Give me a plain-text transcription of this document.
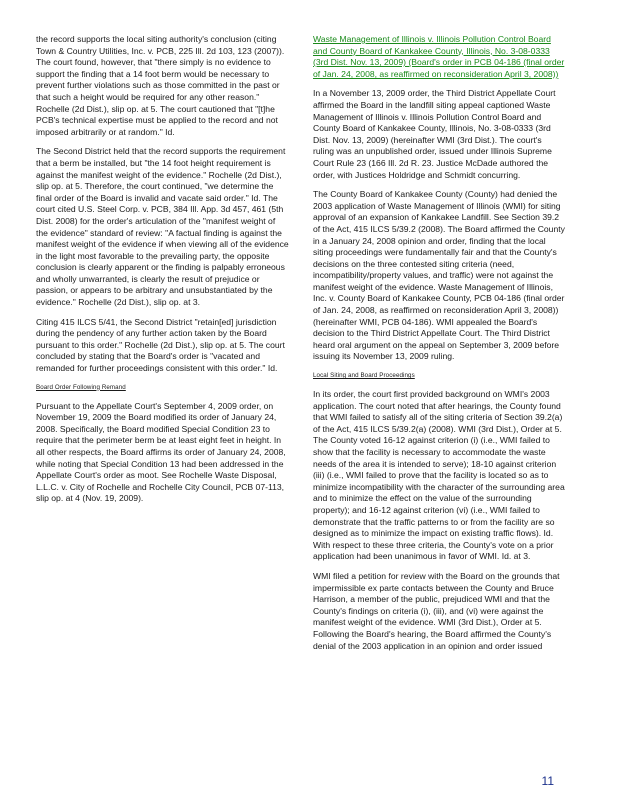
the record supports the local siting authority's conclusion (citing Town & Country Utilities, Inc. v. PCB, 225 Ill. 2d 103, 123 (2007)). The court found, however, that "there simply is no evidence to support the finding that a 14 foot berm would be necessary to prevent further violations such as those committed in the past or that such a height would be required for any other reason." Rochelle (2d Dist.), slip op. at 5. The court cautioned that "[t]he PCB's technical expertise must be applied to the record and not imposed arbitrarily or at random." Id.

The Second District held that the record supports the requirement that a berm be installed, but "the 14 foot height requirement is against the manifest weight of the evidence." Rochelle (2d Dist.), slip op. at 5. Therefore, the court continued, "we determine the final order of the Board is invalid and vacate said order." Id. The court cited U.S. Steel Corp. v. PCB, 384 Ill. App. 3d 457, 461 (5th Dist. 2008) for the order's articulation of the "manifest weight of the evidence" standard of review: "A factual finding is against the manifest weight of the evidence if when viewing all of the evidence in the light most favorable to the prevailing party, the opposite conclusion is clearly apparent or the finding is palpably erroneous and wholly unwarranted, is clearly the result of prejudice or passion, or appears to be arbitrary and unsubstantiated by the evidence." Rochelle (2d Dist.), slip op. at 3.

Citing 415 ILCS 5/41, the Second District "retain[ed] jurisdiction during the pendency of any further action taken by the Board pursuant to this order." Rochelle (2d Dist.), slip op. at 5. The court concluded by stating that the Board's order is "vacated and remanded for further proceedings consistent with this order." Id.

Board Order Following Remand

Pursuant to the Appellate Court's September 4, 2009 order, on November 19, 2009 the Board modified its order of January 24, 2008. Specifically, the Board modified Special Condition 23 to require that the perimeter berm be at least eight feet in height. In all other respects, the Board affirms its order of January 24, 2008, while noting that Special Condition 13 had been addressed in the Appellate Court's order as moot. See Rochelle Waste Disposal, L.L.C. v. City of Rochelle and Rochelle City Council, PCB 07-113, slip op. at 4 (Nov. 19, 2009).

Waste Management of Illinois v. Illinois Pollution Control Board and County Board of Kankakee County, Illinois, No. 3-08-0333 (3rd Dist. Nov. 13, 2009) (Board's order in PCB 04-186 (final order of Jan. 24, 2008, as reaffirmed on reconsideration April 3, 2008))

In a November 13, 2009 order, the Third District Appellate Court affirmed the Board in the landfill siting appeal captioned Waste Management of Illinois v. Illinois Pollution Control Board and County Board of Kankakee County, Illinois, No. 3-08-0333 (3rd Dist. Nov. 13, 2009) (hereinafter WMI (3rd Dist.). The court's ruling was an unpublished order, issued under Illinois Supreme Court Rule 23 (166 Ill. 2d R. 23. Justice McDade authored the order, with Justices Holdridge and Schmidt concurring.

The County Board of Kankakee County (County) had denied the 2003 application of Waste Management of Illinois (WMI) for siting approval of an expansion of Kankakee Landfill. See Section 39.2 of the Act, 415 ILCS 5/39.2 (2008). The Board affirmed the County in a January 24, 2008 opinion and order, finding that the local siting proceedings were fundamentally fair and that the County's decisions on the three contested siting criteria (need, incompatibility/property values, and traffic) were not against the manifest weight of the evidence. Waste Management of Illinois, Inc. v. County Board of Kankakee County, PCB 04-186 (final order of Jan. 24, 2008, as reaffirmed on reconsideration April 3, 2008)) (hereinafter WMI, PCB 04-186). WMI appealed the Board's decision to the Third District Appellate Court. The Third District heard oral argument on the appeal on September 3, 2009 before issuing its November 13, 2009 ruling.

Local Siting and Board Proceedings

In its order, the court first provided background on WMI's 2003 application. The court noted that after hearings, the County found that WMI failed to satisfy all of the siting criteria of Section 39.2(a) of the Act, 415 ILCS 5/39.2(a) (2008). WMI (3rd Dist.), Order at 5. The County voted 16-12 against criterion (i) (i.e., WMI failed to show that the facility is necessary to accommodate the waste needs of the area it is intended to serve); 18-10 against criterion (iii) (i.e., WMI failed to prove that the facility is located so as to minimize incompatibility with the character of the surrounding area and to minimize the effect on the value of the surrounding property); and 16-12 against criterion (vi) (i.e., WMI failed to demonstrate that the traffic patterns to or from the facility are so designed as to minimize the impact on existing traffic flows). Id. With respect to these three criteria, the County's vote on a prior application had been unanimous in favor of WMI. Id. at 3.

WMI filed a petition for review with the Board on the grounds that impermissible ex parte contacts between the County and Bruce Harrison, a member of the public, prejudiced WMI and that the County's findings on criteria (i), (iii), and (vi) were against the manifest weight of the evidence. WMI (3rd Dist.), Order at 5. Following the Board's hearing, the Board affirmed the County's denial of the 2003 application in an opinion and order issued

11
